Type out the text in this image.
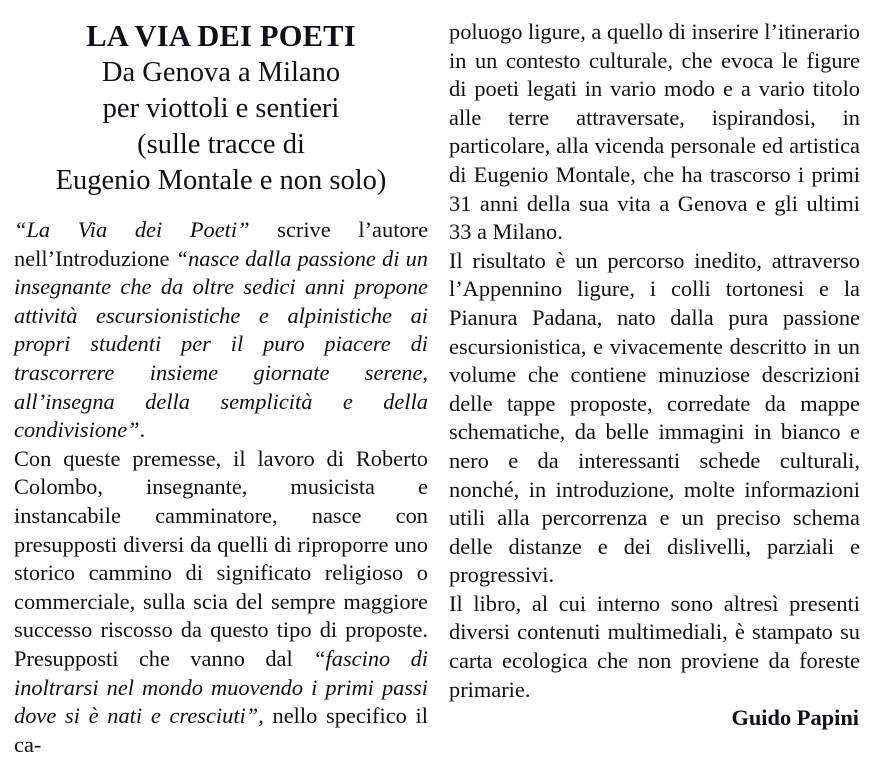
LA VIA DEI POETI
Da Genova a Milano
per viottoli e sentieri
(sulle tracce di
Eugenio Montale e non solo)

“La Via dei Poeti” scrive l’autore nell’Introduzione “nasce dalla passione di un insegnante che da oltre sedici anni propone attività escursionistiche e alpinistiche ai propri studenti per il puro piacere di trascorrere insieme giornate serene, all’insegna della semplicità e della condivisione”.

Con queste premesse, il lavoro di Roberto Colombo, insegnante, musicista e instancabile camminatore, nasce con presupposti diversi da quelli di riproporre uno storico cammino di significato religioso o commerciale, sulla scia del sempre maggiore successo riscosso da questo tipo di proposte. Presupposti che vanno dal “fascino di inoltrarsi nel mondo muovendo i primi passi dove si è nati e cresciuti”, nello specifico il ca-

poluogo ligure, a quello di inserire l’itinerario in un contesto culturale, che evoca le figure di poeti legati in vario modo e a vario titolo alle terre attraversate, ispirandosi, in particolare, alla vicenda personale ed artistica di Eugenio Montale, che ha trascorso i primi 31 anni della sua vita a Genova e gli ultimi 33 a Milano.

Il risultato è un percorso inedito, attraverso l’Appennino ligure, i colli tortonesi e la Pianura Padana, nato dalla pura passione escursionistica, e vivacemente descritto in un volume che contiene minuziose descrizioni delle tappe proposte, corredate da mappe schematiche, da belle immagini in bianco e nero e da interessanti schede culturali, nonché, in introduzione, molte informazioni utili alla percorrenza e un preciso schema delle distanze e dei dislivelli, parziali e progressivi.

Il libro, al cui interno sono altresì presenti diversi contenuti multimediali, è stampato su carta ecologica che non proviene da foreste primarie.

Guido Papini
